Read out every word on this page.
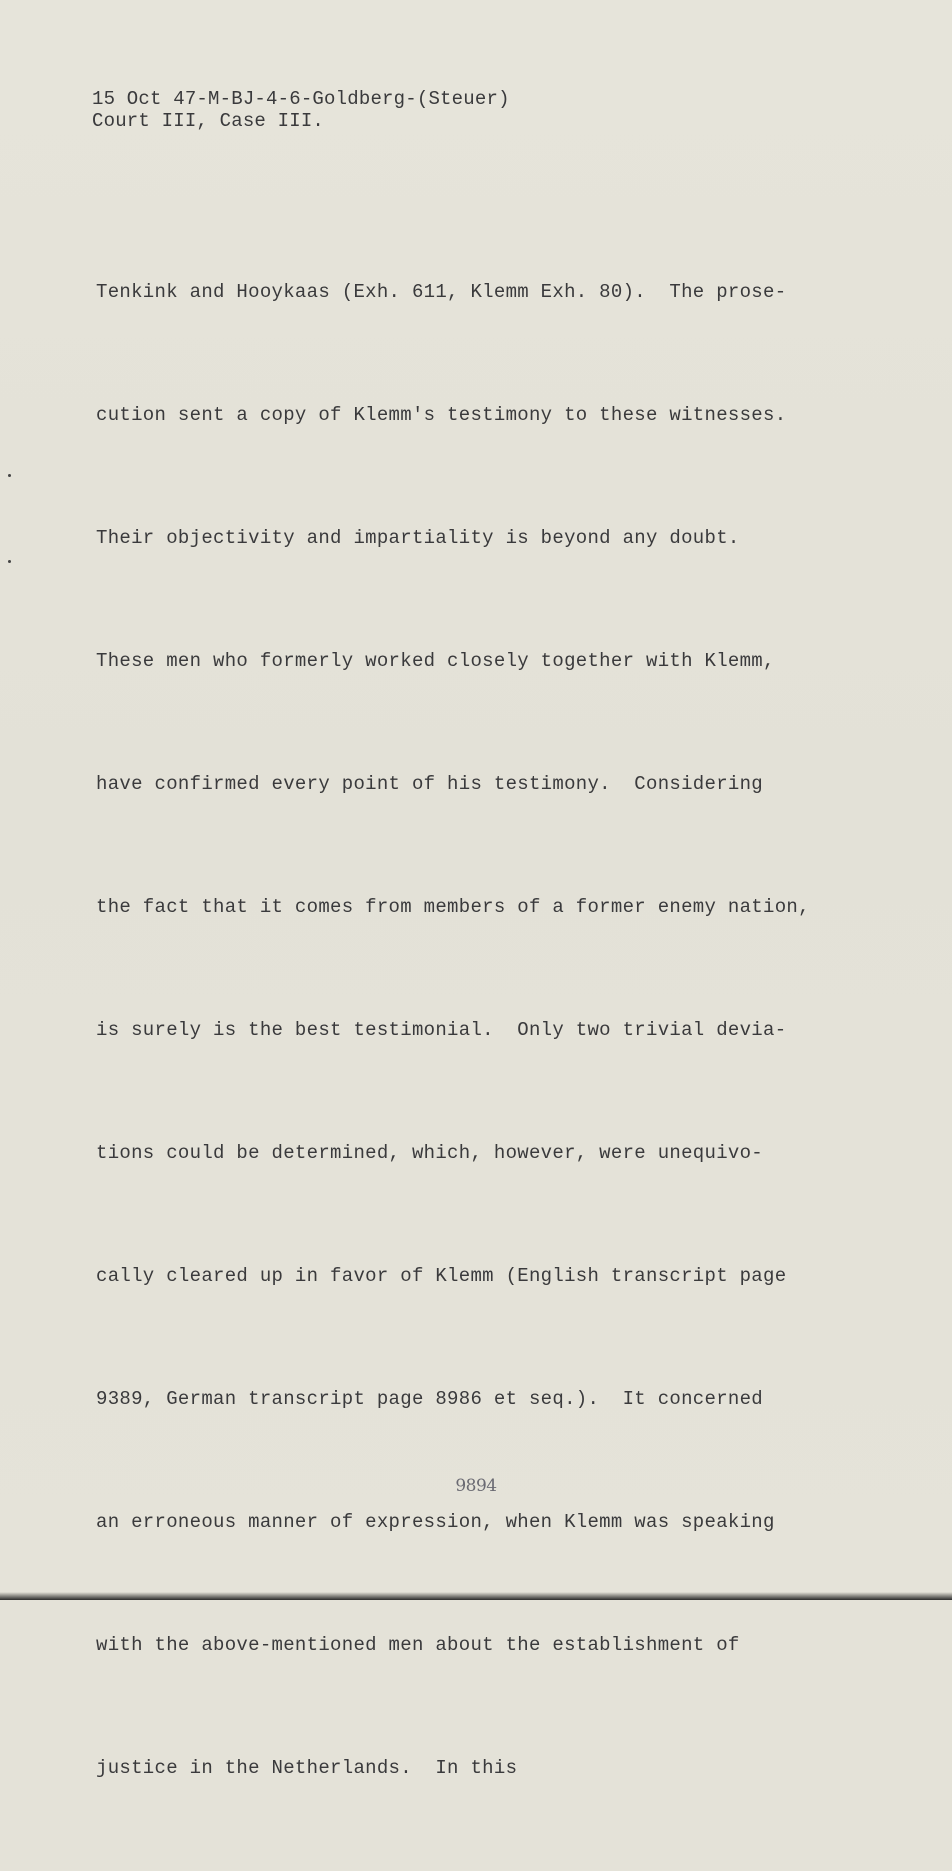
15 Oct 47-M-BJ-4-6-Goldberg-(Steuer)
Court III, Case III.

Tenkink and Hooykaas (Exh. 611, Klemm Exh. 80).  The prose-

cution sent a copy of Klemm's testimony to these witnesses.

Their objectivity and impartiality is beyond any doubt.

These men who formerly worked closely together with Klemm,

have confirmed every point of his testimony.  Considering

the fact that it comes from members of a former enemy nation,

is surely is the best testimonial.  Only two trivial devia-

tions could be determined, which, however, were unequivo-

cally cleared up in favor of Klemm (English transcript page

9389, German transcript page 8986 et seq.).  It concerned

an erroneous manner of expression, when Klemm was speaking

with the above-mentioned men about the establishment of

justice in the Netherlands.  In this

9894
